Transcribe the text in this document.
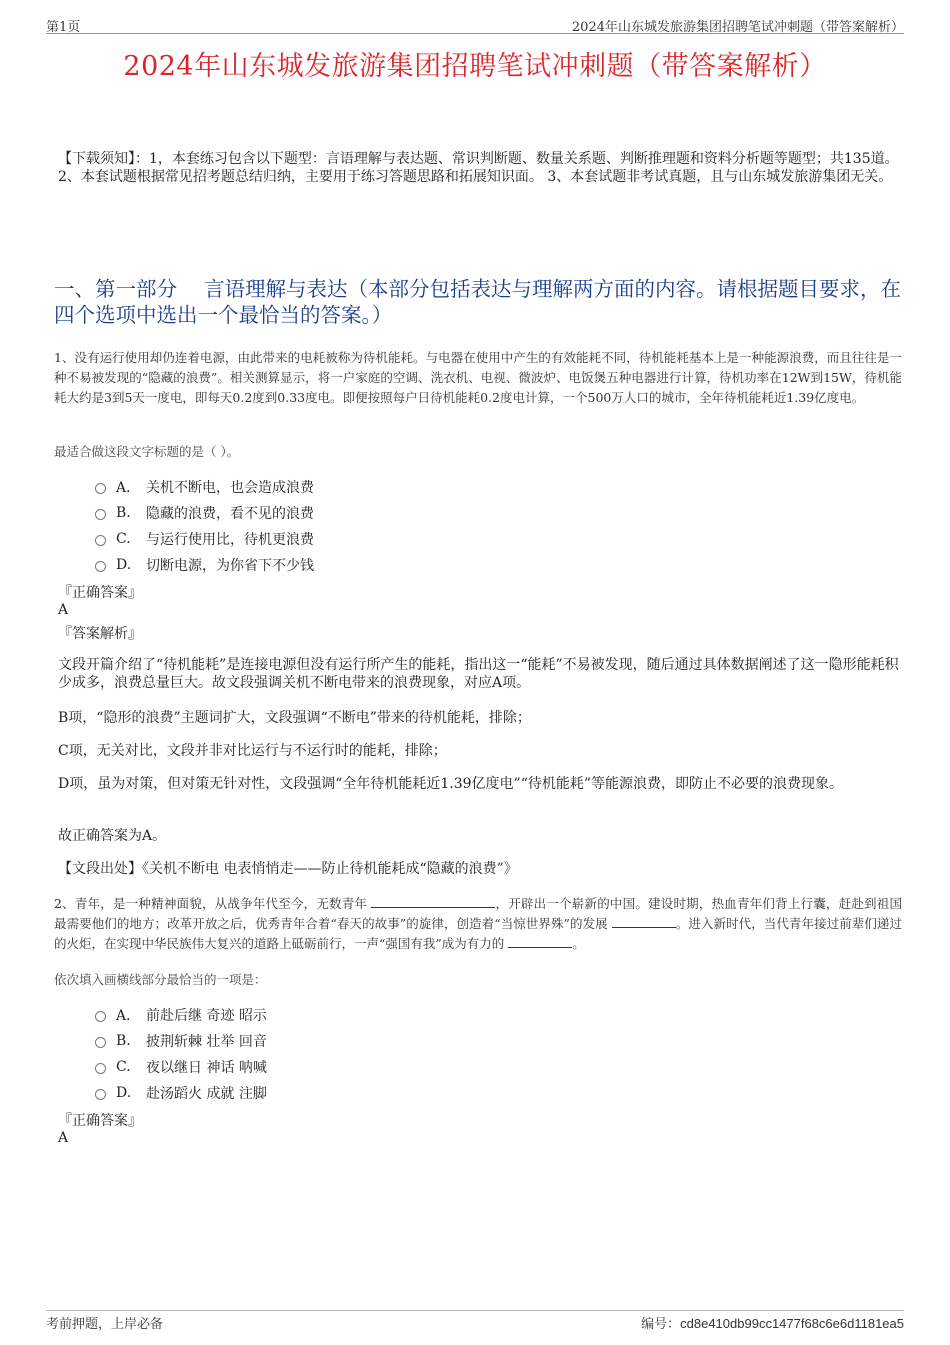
第1页	2024年山东城发旅游集团招聘笔试冲刺题（带答案解析）
2024年山东城发旅游集团招聘笔试冲刺题（带答案解析）
【下载须知】：1，本套练习包含以下题型：言语理解与表达题、常识判断题、数量关系题、判断推理题和资料分析题等题型；共135道。 2、本套试题根据常见招考题总结归纳，主要用于练习答题思路和拓展知识面。 3、本套试题非考试真题，且与山东城发旅游集团无关。
一、第一部分　 言语理解与表达（本部分包括表达与理解两方面的内容。请根据题目要求，在四个选项中选出一个最恰当的答案。）
1、没有运行使用却仍连着电源，由此带来的电耗被称为待机能耗。与电器在使用中产生的有效能耗不同，待机能耗基本上是一种能源浪费，而且往往是一种不易被发现的“隐藏的浪费”。相关测算显示，将一户家庭的空调、洗衣机、电视、微波炉、电饭煲五种电器进行计算，待机功率在12W到15W，待机能耗大约是3到5天一度电，即每天0.2度到0.33度电。即便按照每户日待机能耗0.2度电计算，一个500万人口的城市，全年待机能耗近1.39亿度电。
最适合做这段文字标题的是（ ）。
A． 关机不断电，也会造成浪费
B.	隐藏的浪费，看不见的浪费
C.	与运行使用比，待机更浪费
D.	切断电源，为你省下不少钱
『正确答案』
A
『答案解析』
文段开篇介绍了“待机能耗”是连接电源但没有运行所产生的能耗，指出这一“能耗”不易被发现，随后通过具体数据阐述了这一隐形能耗积少成多，浪费总量巨大。故文段强调关机不断电带来的浪费现象，对应A项。
B项，“隐形的浪费”主题词扩大，文段强调“不断电”带来的待机能耗，排除；
C项，无关对比，文段并非对比运行与不运行时的能耗，排除；
D项，虽为对策，但对策无针对性，文段强调“全年待机能耗近1.39亿度电”“待机能耗”等能源浪费，即防止不必要的浪费现象。
故正确答案为A。
【文段出处】《关机不断电 电表悄悄走——防止待机能耗成“隐藏的浪费”》
2、青年，是一种精神面貌，从战争年代至今，无数青年	，开辟出一个崭新的中国。建设时期，热血青年们背上行囊，赶赴到祖国最需要他们的地方；改革开放之后，优秀青年合着“春天的故事”的旋律，创造着“当惊世界殊”的发展	。进入新时代，当代青年接过前辈们递过的火炬，在实现中华民族伟大复兴的道路上砥砺前行，一声“强国有我”成为有力的	。
依次填入画横线部分最恰当的一项是：
A． 前赴后继 奇迹 昭示
B.	披荆斩棘 壮举 回音
C.	夜以继日 神话 呐喊
D.	赴汤蹈火 成就 注脚
『正确答案』
A
考前押题，上岸必备	编号：cd8e410db99cc1477f68c6e6d1181ea5
